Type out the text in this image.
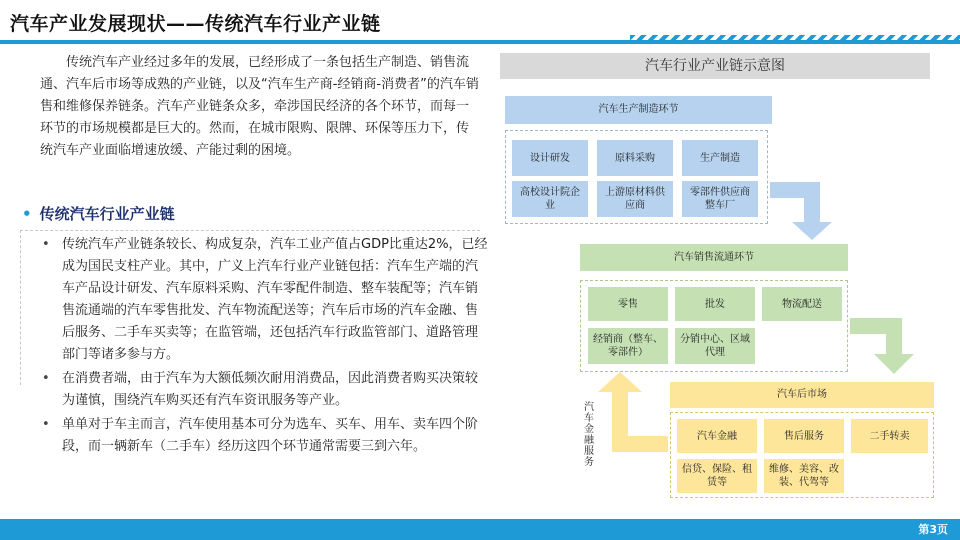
汽车产业发展现状——传统汽车行业产业链
传统汽车产业经过多年的发展，已经形成了一条包括生产制造、销售流通、汽车后市场等成熟的产业链，以及“汽车生产商-经销商-消费者”的汽车销售和维修保养链条。汽车产业链条众多，牵涉国民经济的各个环节，而每一环节的市场规模都是巨大的。然而，在城市限购、限牌、环保等压力下，传统汽车产业面临增速放缓、产能过剩的困境。
• 传统汽车行业产业链
• 传统汽车产业链条较长、构成复杂，汽车工业产值占GDP比重达2%，已经成为国民支柱产业。其中，广义上汽车行业产业链包括：汽车生产端的汽车产品设计研发、汽车原料采购、汽车零配件制造、整车装配等；汽车销售流通端的汽车零售批发、汽车物流配送等；汽车后市场的汽车金融、售后服务、二手车买卖等；在监管端，还包括汽车行政监管部门、道路管理部门等诸多参与方。
• 在消费者端，由于汽车为大额低频次耐用消费品，因此消费者购买决策较为谨慎，围绕汽车购买还有汽车资讯服务等产业。
• 单单对于车主而言，汽车使用基本可分为选车、买车、用车、卖车四个阶段，而一辆新车（二手车）经历这四个环节通常需要三到六年。
汽车行业产业链示意图
汽车生产制造环节
设计研发	原料采购	生产制造
高校设计院企业
上游原材料供应商
零部件供应商整车厂
汽车销售流通环节
零售	批发	物流配送
经销商（整车、零部件）
分销中心、区域代理
汽车后市场
汽车金融	售后服务	二手转卖
信贷、保险、租赁等
维修、美容、改装、代驾等
汽车金融服务
第3页
